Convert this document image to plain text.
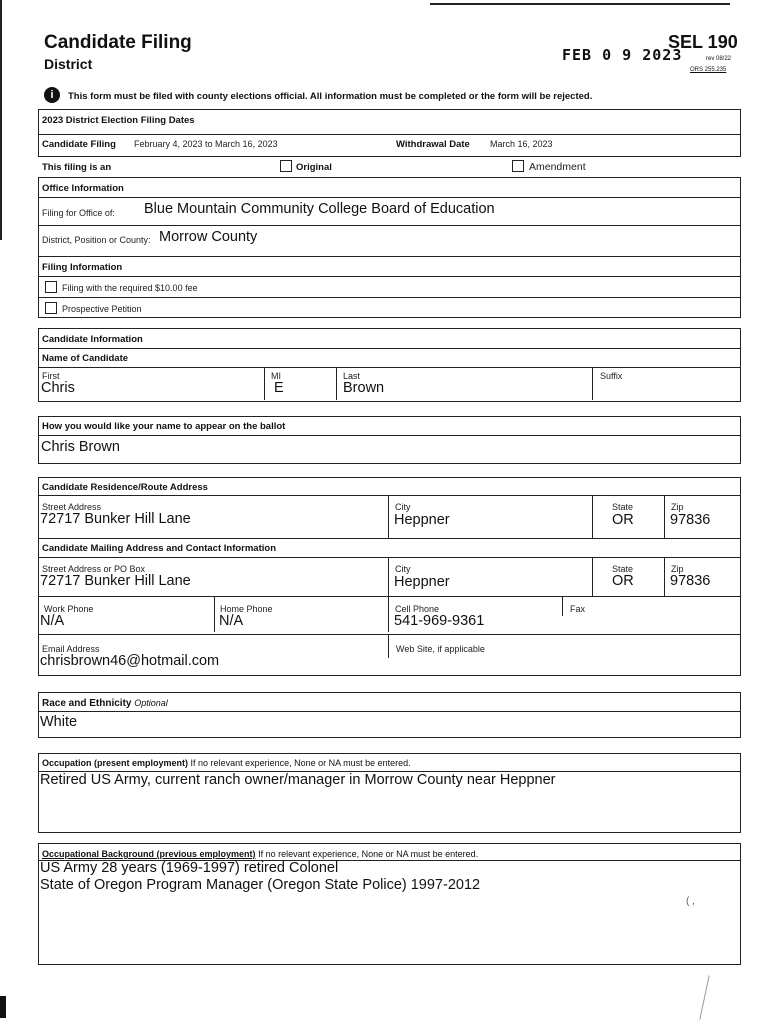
Candidate Filing
District	FEB 0 9 2023
SEL 190
rev 08/22
ORS 255.235
i	This form must be filed with county elections official. All information must be completed or the form will be rejected.
2023 District Election Filing Dates
Candidate Filing February 4, 2023 to March 16, 2023	Withdrawal Date March 16, 2023
This filing is an	Original	Amendment
Office Information
Filing for Office of: Blue Mountain Community College Board of Education
District, Position or County: Morrow County
Filing Information
Filing with the required $10.00 fee
Prospective Petition
Candidate Information
Name of Candidate
First
Chris
MI
E
Last
Brown
Suffix
How you would like your name to appear on the ballot
Chris Brown
Candidate Residence/Route Address
Street Address
72717 Bunker Hill Lane
City
Heppner
State
OR
Zip
97836
Candidate Mailing Address and Contact Information
Street Address or PO Box
72717 Bunker Hill Lane
City
Heppner
State
OR
Zip
97836
Work Phone
N/A
Home Phone
N/A
Cell Phone
541-969-9361
Fax
Email Address
chrisbrown46@hotmail.com
Web Site, if applicable
Race and Ethnicity Optional
White
Occupation (present employment) If no relevant experience, None or NA must be entered.
Retired US Army, current ranch owner/manager in Morrow County near Heppner
Occupational Background (previous employment) If no relevant experience, None or NA must be entered.
US Army 28 years (1969-1997) retired Colonel
State of Oregon Program Manager (Oregon State Police) 1997-2012
( ,
